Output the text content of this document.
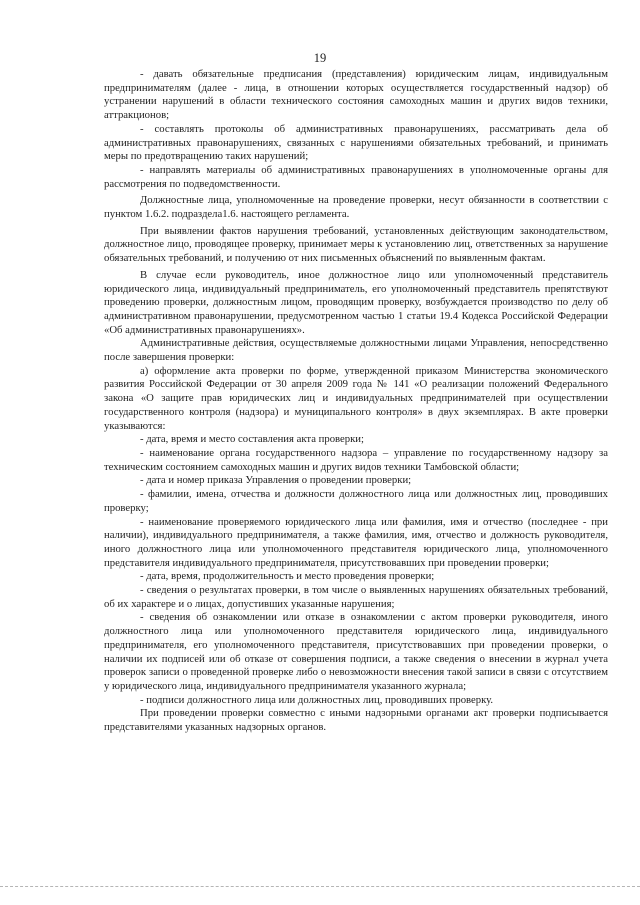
19

- давать обязательные предписания (представления) юридическим лицам, индивидуальным предпринимателям (далее - лица, в отношении которых осуществляется государственный надзор) об устранении нарушений в области технического состояния самоходных машин и других видов техники, аттракционов;

- составлять протоколы об административных правонарушениях, рассматривать дела об административных правонарушениях, связанных с нарушениями обязательных требований, и принимать меры по предотвращению таких нарушений;

- направлять материалы об административных правонарушениях в уполномоченные органы для рассмотрения по подведомственности.

Должностные лица, уполномоченные на проведение проверки, несут обязанности в соответствии с пунктом 1.6.2. подраздела1.6. настоящего регламента.

При выявлении фактов нарушения требований, установленных действующим законодательством, должностное лицо, проводящее проверку, принимает меры к установлению лиц, ответственных за нарушение обязательных требований, и получению от них письменных объяснений по выявленным фактам.

В случае если руководитель, иное должностное лицо или уполномоченный представитель юридического лица, индивидуальный предприниматель, его уполномоченный представитель препятствуют проведению проверки, должностным лицом, проводящим проверку, возбуждается производство по делу об административном правонарушении, предусмотренном частью 1 статьи 19.4 Кодекса Российской Федерации «Об административных правонарушениях».

Административные действия, осуществляемые должностными лицами Управления, непосредственно после завершения проверки:

а) оформление акта проверки по форме, утвержденной приказом Министерства экономического развития Российской Федерации от 30 апреля 2009 года № 141 «О реализации положений Федерального закона «О защите прав юридических лиц и индивидуальных предпринимателей при осуществлении государственного контроля (надзора) и муниципального контроля» в двух экземплярах. В акте проверки указываются:

- дата, время и место составления акта проверки;

- наименование органа государственного надзора – управление по государственному надзору за техническим состоянием самоходных машин и других видов техники Тамбовской области;

- дата и номер приказа Управления о проведении проверки;

- фамилии, имена, отчества и должности должностного лица или должностных лиц, проводивших проверку;

- наименование проверяемого юридического лица или фамилия, имя и отчество (последнее - при наличии), индивидуального предпринимателя, а также фамилия, имя, отчество и должность руководителя, иного должностного лица или уполномоченного представителя юридического лица, уполномоченного представителя индивидуального предпринимателя, присутствовавших при проведении проверки;

- дата, время, продолжительность и место проведения проверки;

- сведения о результатах проверки, в том числе о выявленных нарушениях обязательных требований, об их характере и о лицах, допустивших указанные нарушения;

- сведения об ознакомлении или отказе в ознакомлении с актом проверки руководителя, иного должностного лица или уполномоченного представителя юридического лица, индивидуального предпринимателя, его уполномоченного представителя, присутствовавших при проведении проверки, о наличии их подписей или об отказе от совершения подписи, а также сведения о внесении в журнал учета проверок записи о проведенной проверке либо о невозможности внесения такой записи в связи с отсутствием у юридического лица, индивидуального предпринимателя указанного журнала;

- подписи должностного лица или должностных лиц, проводивших проверку.

При проведении проверки совместно с иными надзорными органами акт проверки подписывается представителями указанных надзорных органов.
